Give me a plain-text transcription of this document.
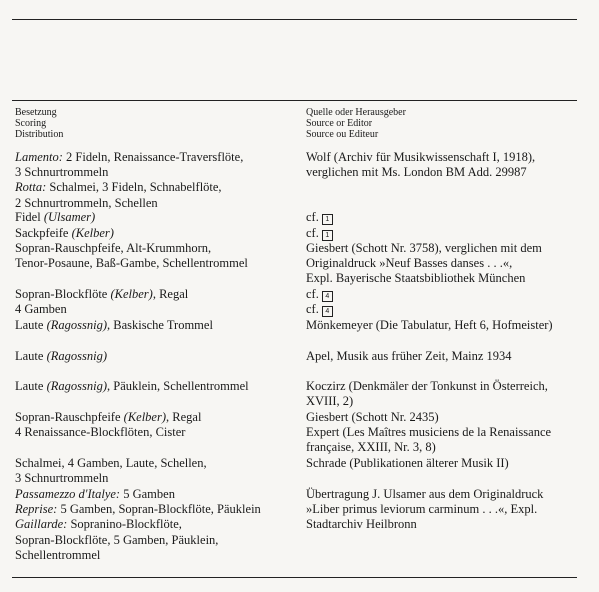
Besetzung
Scoring
Distribution
Quelle oder Herausgeber
Source or Editor
Source ou Editeur
Lamento: 2 Fideln, Renaissance-Traversflöte,
3 Schnurtrommeln
Rotta: Schalmei, 3 Fideln, Schnabelflöte,
2 Schnurtrommeln, Schellen
Fidel (Ulsamer)
Sackpfeife (Kelber)
Sopran-Rauschpfeife, Alt-Krummhorn,
Tenor-Posaune, Baß-Gambe, Schellentrommel
Sopran-Blockflöte (Kelber), Regal
4 Gamben
Laute (Ragossnig), Baskische Trommel
Laute (Ragossnig)
Laute (Ragossnig), Päuklein, Schellentrommel
Sopran-Rauschpfeife (Kelber), Regal
4 Renaissance-Blockflöten, Cister
Schalmei, 4 Gamben, Laute, Schellen,
3 Schnurtrommeln
Passamezzo d'Italye: 5 Gamben
Reprise: 5 Gamben, Sopran-Blockflöte, Päuklein
Gaillarde: Sopranino-Blockflöte,
Sopran-Blockflöte, 5 Gamben, Päuklein,
Schellentrommel
Wolf (Archiv für Musikwissenschaft I, 1918),
verglichen mit Ms. London BM Add. 29987
cf. 1
cf. 1
Giesbert (Schott Nr. 3758), verglichen mit dem
Originaldruck »Neuf Basses danses . . .«,
Expl. Bayerische Staatsbibliothek München
cf. 4
cf. 4
Mönkemeyer (Die Tabulatur, Heft 6, Hofmeister)
Apel, Musik aus früher Zeit, Mainz 1934
Koczirz (Denkmäler der Tonkunst in Österreich,
XVIII, 2)
Giesbert (Schott Nr. 2435)
Expert (Les Maîtres musiciens de la Renaissance
française, XXIII, Nr. 3, 8)
Schrade (Publikationen älterer Musik II)
Übertragung J. Ulsamer aus dem Originaldruck
»Liber primus leviorum carminum . . .«, Expl.
Stadtarchiv Heilbronn
